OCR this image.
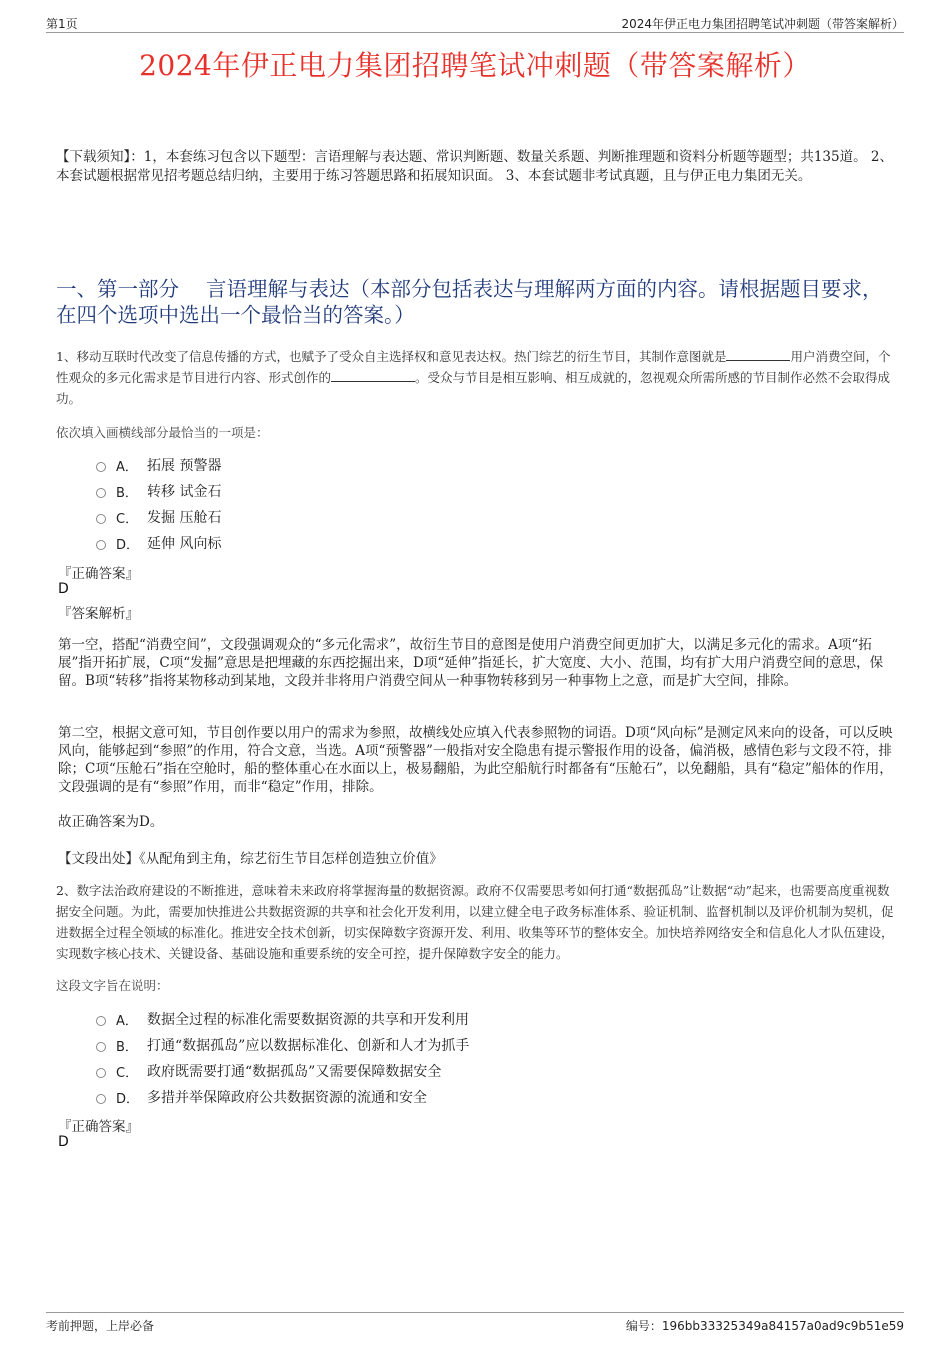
第1页	2024年伊正电力集团招聘笔试冲刺题（带答案解析）
2024年伊正电力集团招聘笔试冲刺题（带答案解析）
【下载须知】：1，本套练习包含以下题型：言语理解与表达题、常识判断题、数量关系题、判断推理题和资料分析题等题型；共135道。 2、本套试题根据常见招考题总结归纳，主要用于练习答题思路和拓展知识面。 3、本套试题非考试真题，且与伊正电力集团无关。
一、第一部分　 言语理解与表达（本部分包括表达与理解两方面的内容。请根据题目要求，在四个选项中选出一个最恰当的答案。）
1、移动互联时代改变了信息传播的方式，也赋予了受众自主选择权和意见表达权。热门综艺的衍生节目，其制作意图就是	用户消费空间，个性观众的多元化需求是节目进行内容、形式创作的	。受众与节目是相互影响、相互成就的，忽视观众所需所感的节目制作必然不会取得成功。
依次填入画横线部分最恰当的一项是：
A． 拓展 预警器
B． 转移 试金石
C． 发掘 压舱石
D． 延伸 风向标
『正确答案』
D
『答案解析』
第一空，搭配“消费空间”，文段强调观众的“多元化需求”，故衍生节目的意图是使用户消费空间更加扩大，以满足多元化的需求。A项“拓展”指开拓扩展，C项“发掘”意思是把埋藏的东西挖掘出来，D项“延伸”指延长，扩大宽度、大小、范围，均有扩大用户消费空间的意思，保留。B项“转移”指将某物移动到某地，文段并非将用户消费空间从一种事物转移到另一种事物上之意，而是扩大空间，排除。
第二空，根据文意可知，节目创作要以用户的需求为参照，故横线处应填入代表参照物的词语。D项“风向标”是测定风来向的设备，可以反映风向，能够起到“参照”的作用，符合文意，当选。A项“预警器”一般指对安全隐患有提示警报作用的设备，偏消极，感情色彩与文段不符，排除；C项“压舱石”指在空舱时，船的整体重心在水面以上，极易翻船，为此空船航行时都备有“压舱石”，以免翻船，具有“稳定”船体的作用，文段强调的是有“参照”作用，而非“稳定”作用，排除。
故正确答案为D。
【文段出处】《从配角到主角，综艺衍生节目怎样创造独立价值》
2、数字法治政府建设的不断推进，意味着未来政府将掌握海量的数据资源。政府不仅需要思考如何打通“数据孤岛”让数据“动”起来，也需要高度重视数据安全问题。为此，需要加快推进公共数据资源的共享和社会化开发利用，以建立健全电子政务标准体系、验证机制、监督机制以及评价机制为契机，促进数据全过程全领域的标准化。推进安全技术创新，切实保障数字资源开发、利用、收集等环节的整体安全。加快培养网络安全和信息化人才队伍建设，实现数字核心技术、关键设备、基础设施和重要系统的安全可控，提升保障数字安全的能力。
这段文字旨在说明：
A． 数据全过程的标准化需要数据资源的共享和开发利用
B． 打通“数据孤岛”应以数据标准化、创新和人才为抓手
C． 政府既需要打通“数据孤岛”又需要保障数据安全
D． 多措并举保障政府公共数据资源的流通和安全
『正确答案』
D
考前押题，上岸必备	编号：196bb33325349a84157a0ad9c9b51e59
